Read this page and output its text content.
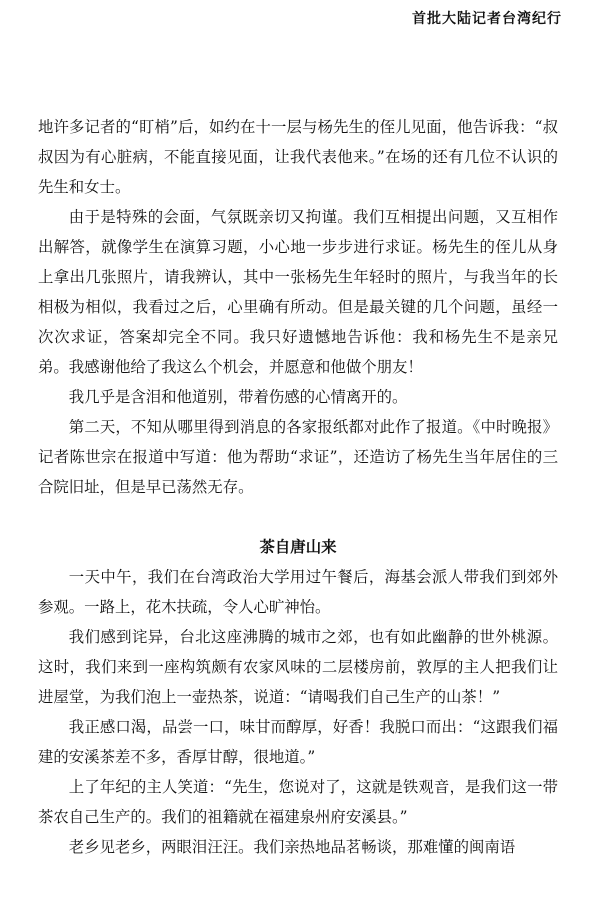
首批大陆记者台湾纪行

地许多记者的“盯梢”后，如约在十一层与杨先生的侄儿见面，他告诉我：“叔叔因为有心脏病，不能直接见面，让我代表他来。”在场的还有几位不认识的先生和女士。

由于是特殊的会面，气氛既亲切又拘谨。我们互相提出问题，又互相作出解答，就像学生在演算习题，小心地一步步进行求证。杨先生的侄儿从身上拿出几张照片，请我辨认，其中一张杨先生年轻时的照片，与我当年的长相极为相似，我看过之后，心里确有所动。但是最关键的几个问题，虽经一次次求证，答案却完全不同。我只好遗憾地告诉他：我和杨先生不是亲兄弟。我感谢他给了我这么个机会，并愿意和他做个朋友！

我几乎是含泪和他道别，带着伤感的心情离开的。

第二天，不知从哪里得到消息的各家报纸都对此作了报道。《中时晚报》记者陈世宗在报道中写道：他为帮助“求证”，还造访了杨先生当年居住的三合院旧址，但是早已荡然无存。

茶自唐山来

一天中午，我们在台湾政治大学用过午餐后，海基会派人带我们到郊外参观。一路上，花木扶疏，令人心旷神怡。

我们感到诧异，台北这座沸腾的城市之郊，也有如此幽静的世外桃源。这时，我们来到一座构筑颇有农家风味的二层楼房前，敦厚的主人把我们让进屋堂，为我们泡上一壶热茶，说道：“请喝我们自己生产的山茶！”

我正感口渴，品尝一口，味甘而醇厚，好香！我脱口而出：“这跟我们福建的安溪茶差不多，香厚甘醇，很地道。”

上了年纪的主人笑道：“先生，您说对了，这就是铁观音，是我们这一带茶农自己生产的。我们的祖籍就在福建泉州府安溪县。”

老乡见老乡，两眼泪汪汪。我们亲热地品茗畅谈，那难懂的闽南语
